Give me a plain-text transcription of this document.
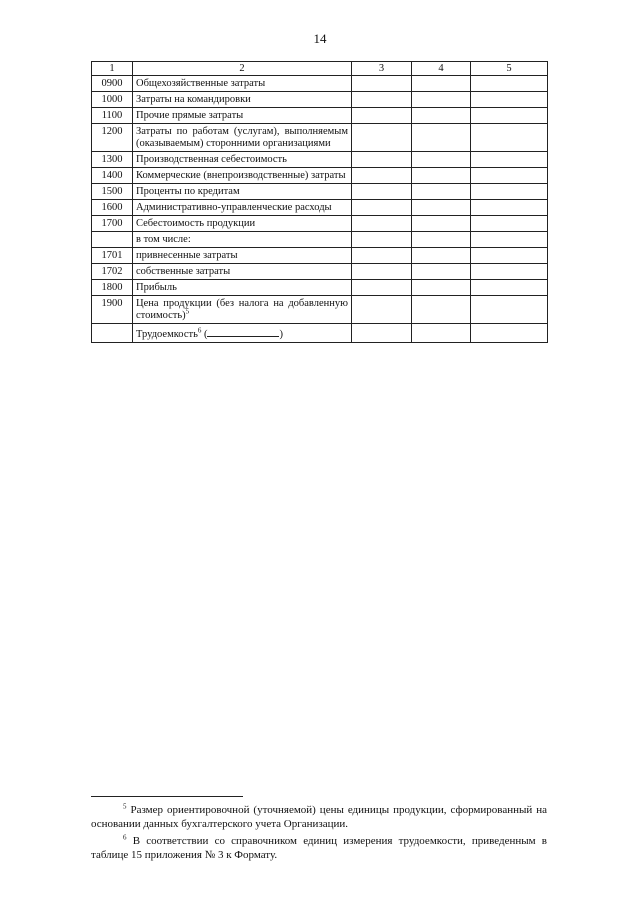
14
1	2	3	4	5
0900	Общехозяйственные затраты			
1000	Затраты на командировки			
1100	Прочие прямые затраты			
1200	Затраты по работам (услугам), выполняемым (оказываемым) сторонними организациями			
1300	Производственная себестоимость			
1400	Коммерческие (внепроизводственные) затраты			
1500	Проценты по кредитам			
1600	Административно-управленческие расходы			
1700	Себестоимость продукции			
	в том числе:			
1701	привнесенные затраты			
1702	собственные затраты			
1800	Прибыль			
1900	Цена продукции (без налога на добавленную стоимость)$^5$			
	Трудоемкость$^6$ ( )			

$^5$ Размер ориентировочной (уточняемой) цены единицы продукции, сформированный на основании данных бухгалтерского учета Организации.

$^6$ В соответствии со справочником единиц измерения трудоемкости, приведенным в таблице 15 приложения № 3 к Формату.
